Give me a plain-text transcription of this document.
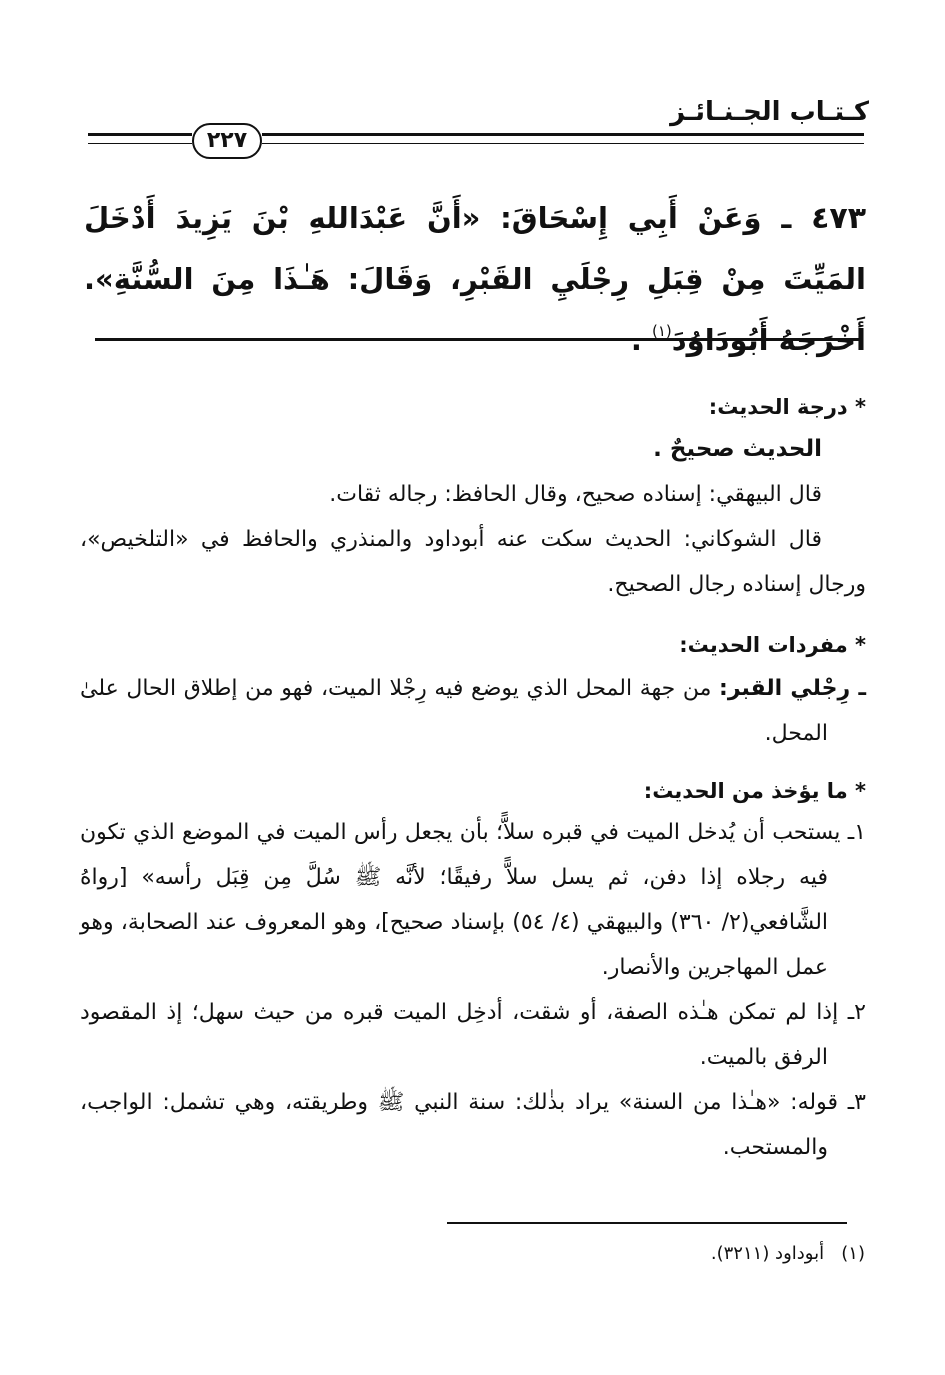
كـتـاب الجـنـائـز
٢٢٧
٤٧٣ ـ وَعَنْ أَبِي إِسْحَاقَ: «أَنَّ عَبْدَاللهِ بْنَ يَزِيدَ أَدْخَلَ المَيِّتَ مِنْ قِبَلِ رِجْلَيِ القَبْرِ، وَقَالَ: هَـٰذَا مِنَ السُّنَّةِ». أَخْرَجَهُ أَبُودَاوُدَ$^{(١)}$ .

* درجة الحديث:

الحديث صحيحٌ .

قال البيهقي: إسناده صحيح، وقال الحافظ: رجاله ثقات.

قال الشوكاني: الحديث سكت عنه أبوداود والمنذري والحافظ في «التلخيص»، ورجال إسناده رجال الصحيح.

* مفردات الحديث:

ـ رِجْلي القبر: من جهة المحل الذي يوضع فيه رِجْلا الميت، فهو من إطلاق الحال علىٰ المحل.

* ما يؤخذ من الحديث:

١ـ يستحب أن يُدخل الميت في قبره سلاًّ؛ بأن يجعل رأس الميت في الموضع الذي تكون فيه رجلاه إذا دفن، ثم يسل سلاًّ رفيقًا؛ لأنَّه ﷺ سُلَّ مِن قِبَل رأسه» [رواهُ الشَّافعي(٢/ ٣٦٠) والبيهقي (٤/ ٥٤) بإسناد صحيح]، وهو المعروف عند الصحابة، وهو عمل المهاجرين والأنصار.

٢ـ إذا لم تمكن هـٰذه الصفة، أو شقت، أدخِل الميت قبره من حيث سهل؛ إذ المقصود الرفق بالميت.

٣ـ قوله: «هـٰذا من السنة» يراد بذٰلك: سنة النبي ﷺ وطريقته، وهي تشمل: الواجب، والمستحب.

(١)   أبوداود (٣٢١١).
